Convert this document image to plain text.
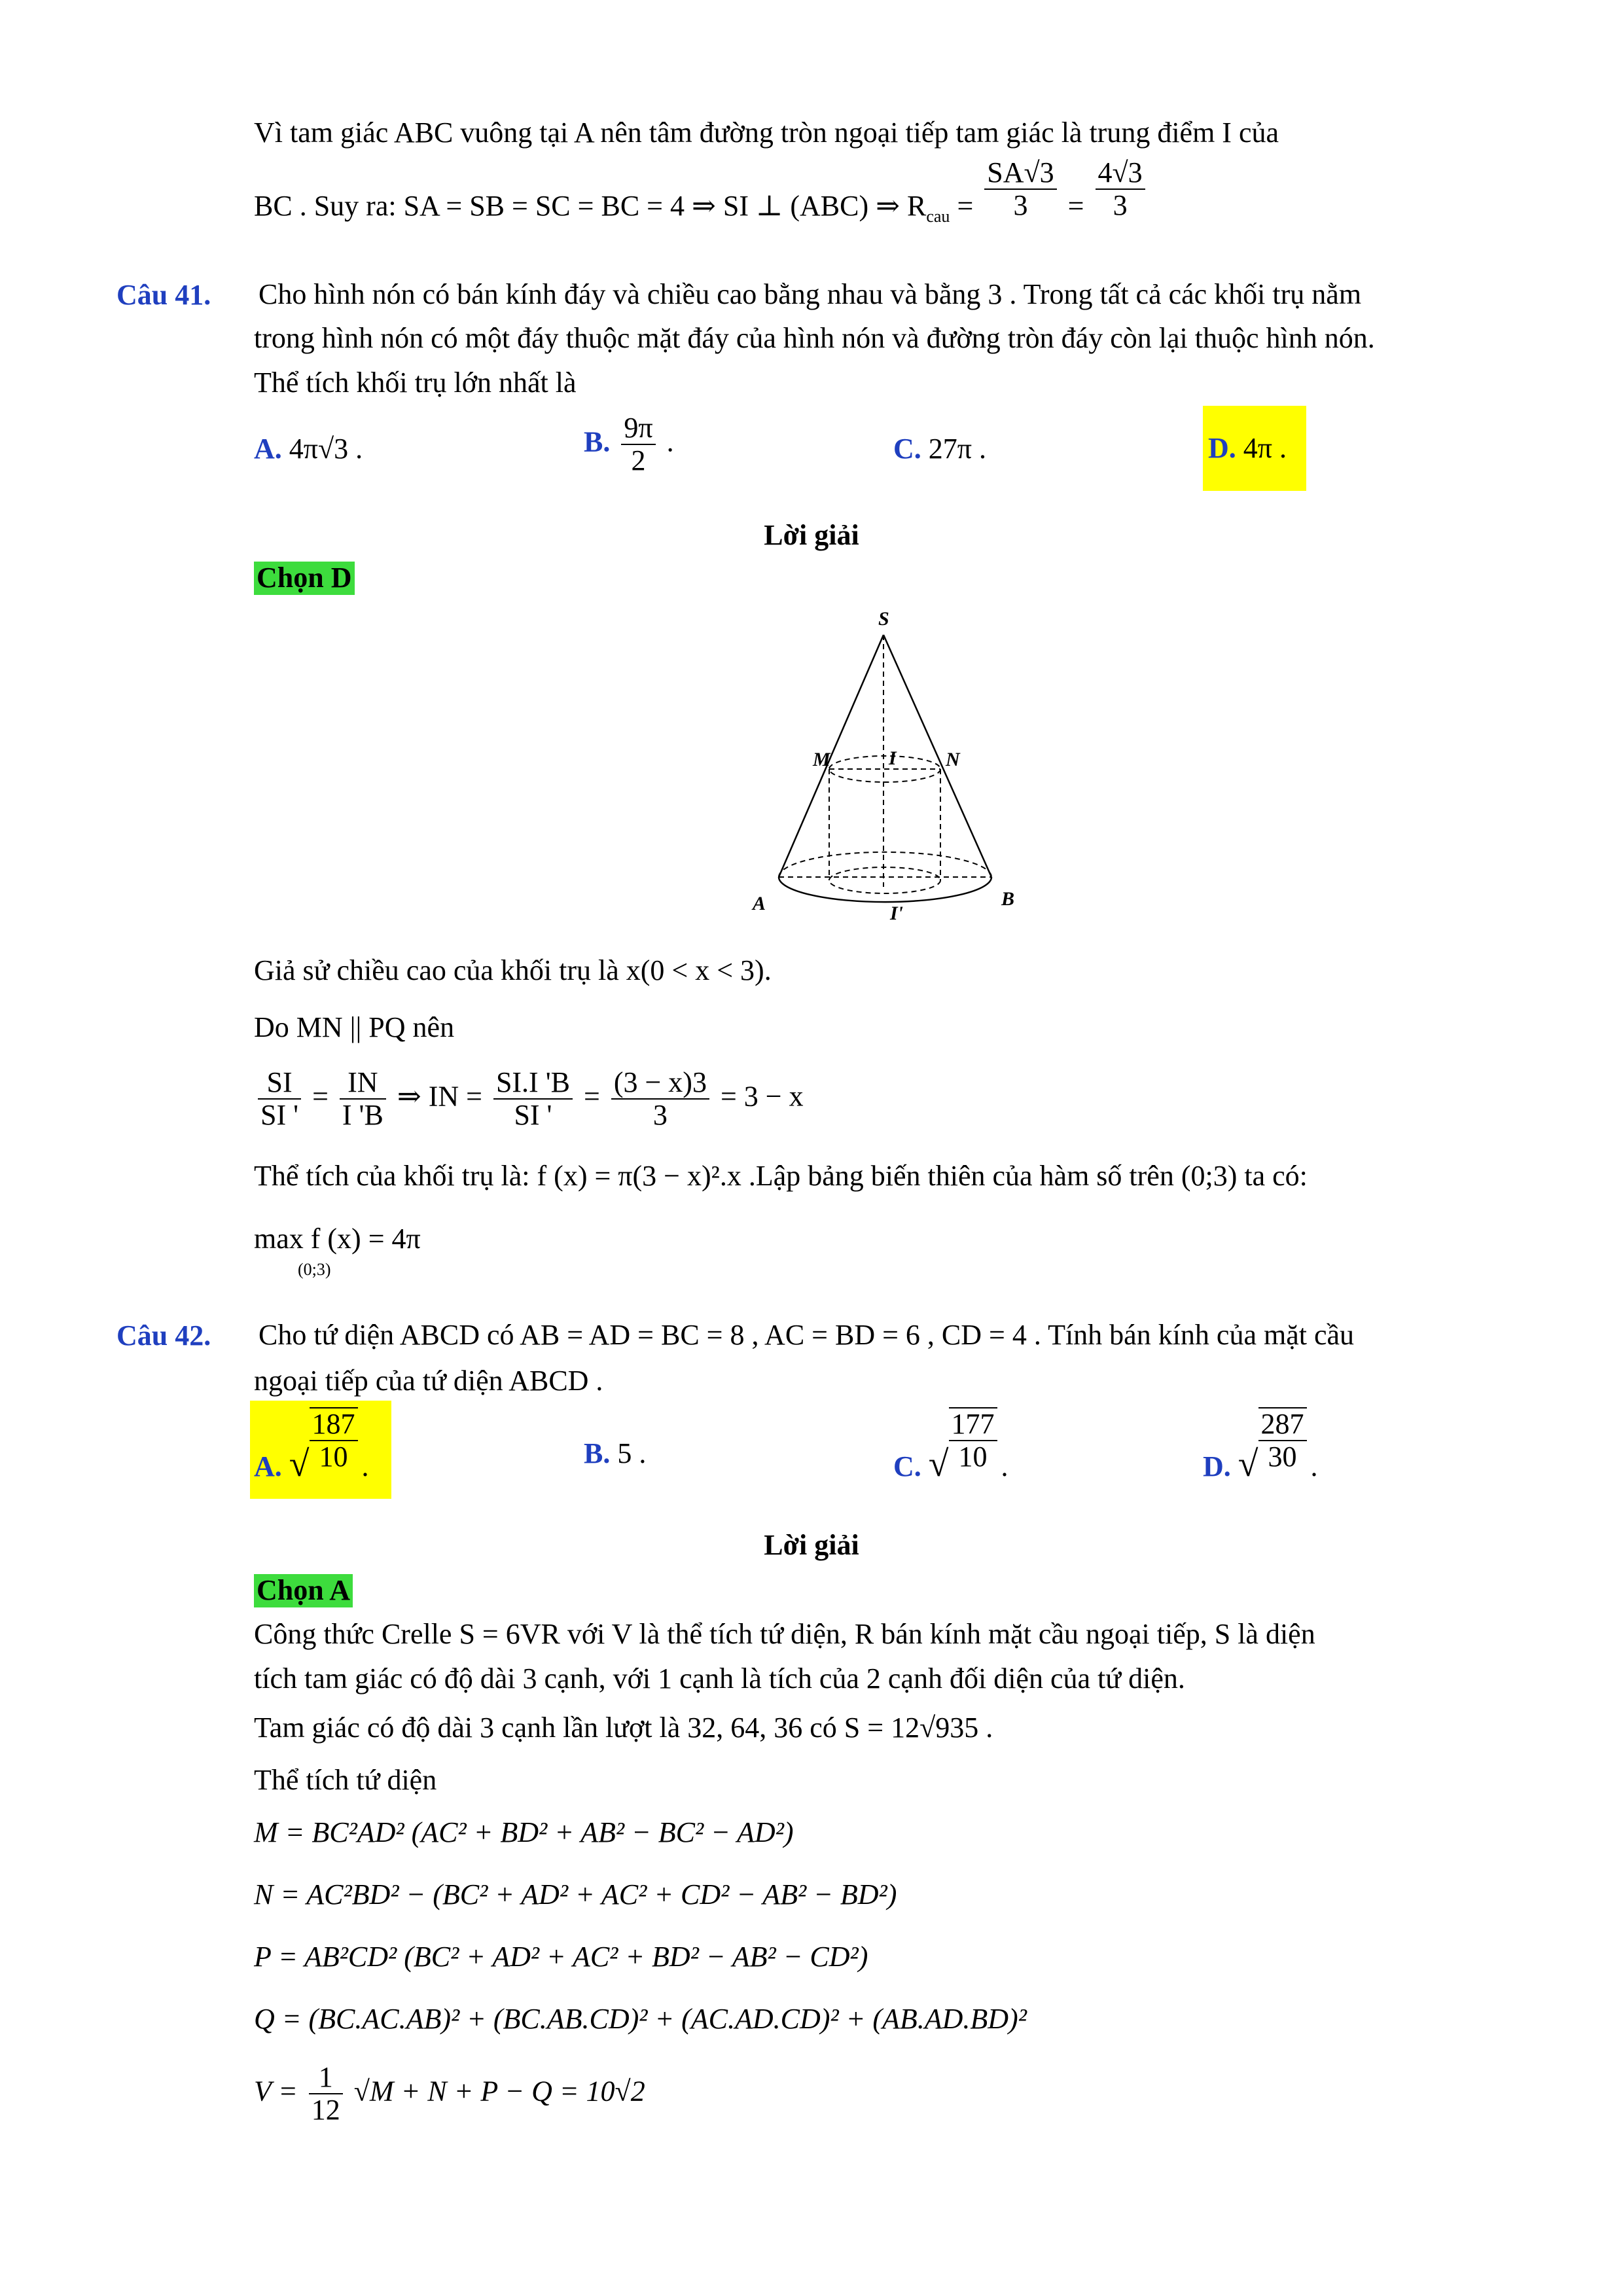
Vì tam giác ABC vuông tại A nên tâm đường tròn ngoại tiếp tam giác là trung điểm I của
BC . Suy ra: SA = SB = SC = BC = 4 ⇒ SI ⊥ (ABC) ⇒ $R_{cau} = \frac{SA√3}{3} = \frac{4√3}{3}$
Câu 41. Cho hình nón có bán kính đáy và chiều cao bằng nhau và bằng 3 . Trong tất cả các khối trụ nằm
trong hình nón có một đáy thuộc mặt đáy của hình nón và đường tròn đáy còn lại thuộc hình nón.
Thể tích khối trụ lớn nhất là
A. 4π√3 .	B. $\frac{9\pi}{2}$ .	C. 27π .	D. 4π .
Lời giải
Chọn D
S
M	I	N
A	B
I'
Giả sử chiều cao của khối trụ là x(0 < x < 3).
Do MN || PQ nên
$\frac{SI}{SI '} = \frac{IN}{I 'B}$ ⇒ IN = $\frac{SI.I 'B}{SI '} = \frac{(3 - x)3}{3} = 3 - x$
Thể tích của khối trụ là: f (x) = π(3 − x)².x .Lập bảng biến thiên của hàm số trên (0;3) ta có:
max f (x) = 4π
(0;3)
Câu 42. Cho tứ diện ABCD có AB = AD = BC = 8 , AC = BD = 6 , CD = 4 . Tính bán kính của mặt cầu
ngoại tiếp của tứ diện ABCD .
A. √ $\frac{187}{10}$ .	B. 5 .	C. √ $\frac{177}{10}$ .	D. √ $\frac{287}{30}$ .
Lời giải
Chọn A
Công thức Crelle S = 6VR với V là thể tích tứ diện, R bán kính mặt cầu ngoại tiếp, S là diện
tích tam giác có độ dài 3 cạnh, với 1 cạnh là tích của 2 cạnh đối diện của tứ diện.
Tam giác có độ dài 3 cạnh lần lượt là 32, 64, 36 có S = 12√935 .
Thể tích tứ diện
M = BC²AD² (AC² + BD² + AB² − BC² − AD²)
N = AC²BD² − (BC² + AD² + AC² + CD² − AB² − BD²)
P = AB²CD² (BC² + AD² + AC² + BD² − AB² − CD²)
Q = (BC.AC.AB)² + (BC.AB.CD)² + (AC.AD.CD)² + (AB.AD.BD)²
$V = \frac{1}{12} √M + N + P - Q = 10√2$
